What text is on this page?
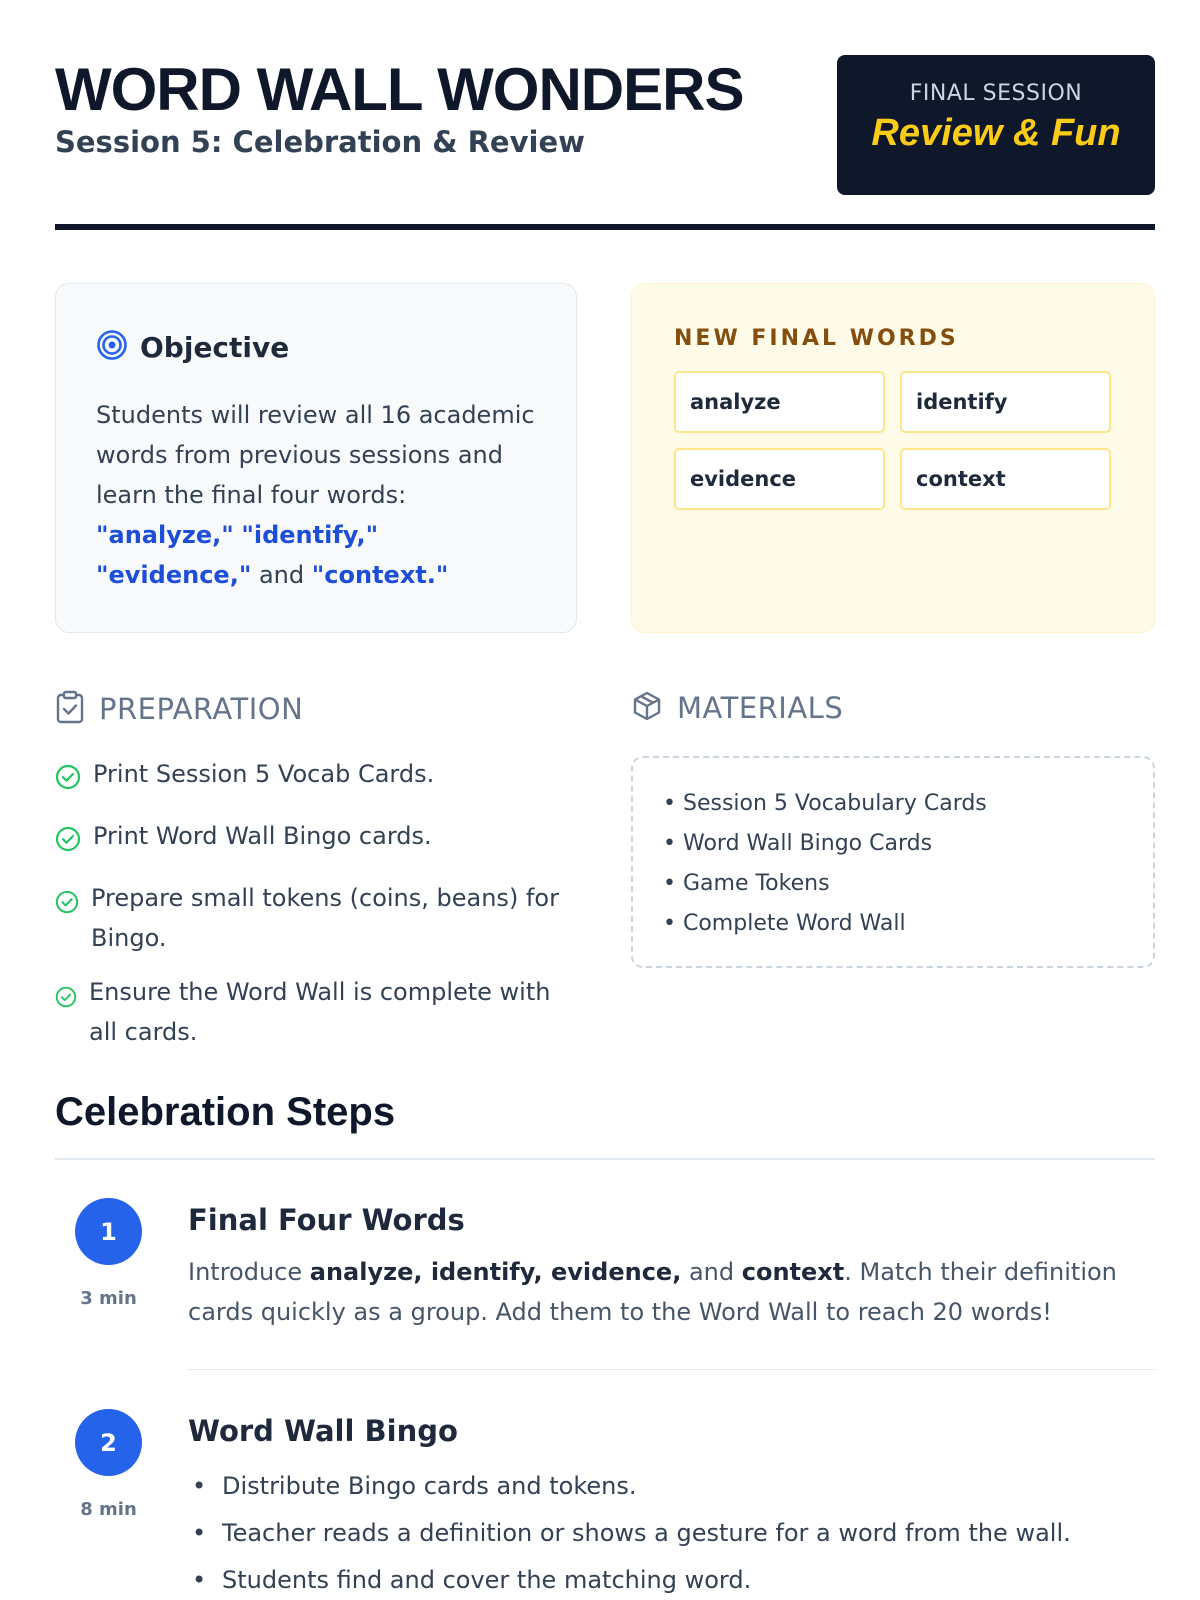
WORD WALL WONDERS
Session 5: Celebration & Review
FINAL SESSION
Review & Fun
Objective

Students will review all 16 academic words from previous sessions and learn the final four words: "analyze," "identify," "evidence," and "context."

NEW FINAL WORDS
analyze	identify
evidence	context
PREPARATION
Print Session 5 Vocab Cards.
Print Word Wall Bingo cards.
Prepare small tokens (coins, beans) for Bingo.
Ensure the Word Wall is complete with all cards.
MATERIALS
• Session 5 Vocabulary Cards
• Word Wall Bingo Cards
• Game Tokens
• Complete Word Wall
Celebration Steps
1
3 min
Final Four Words

Introduce analyze, identify, evidence, and context. Match their definition cards quickly as a group. Add them to the Word Wall to reach 20 words!

2
8 min
Word Wall Bingo
• Distribute Bingo cards and tokens.
• Teacher reads a definition or shows a gesture for a word from the wall.
• Students find and cover the matching word.
